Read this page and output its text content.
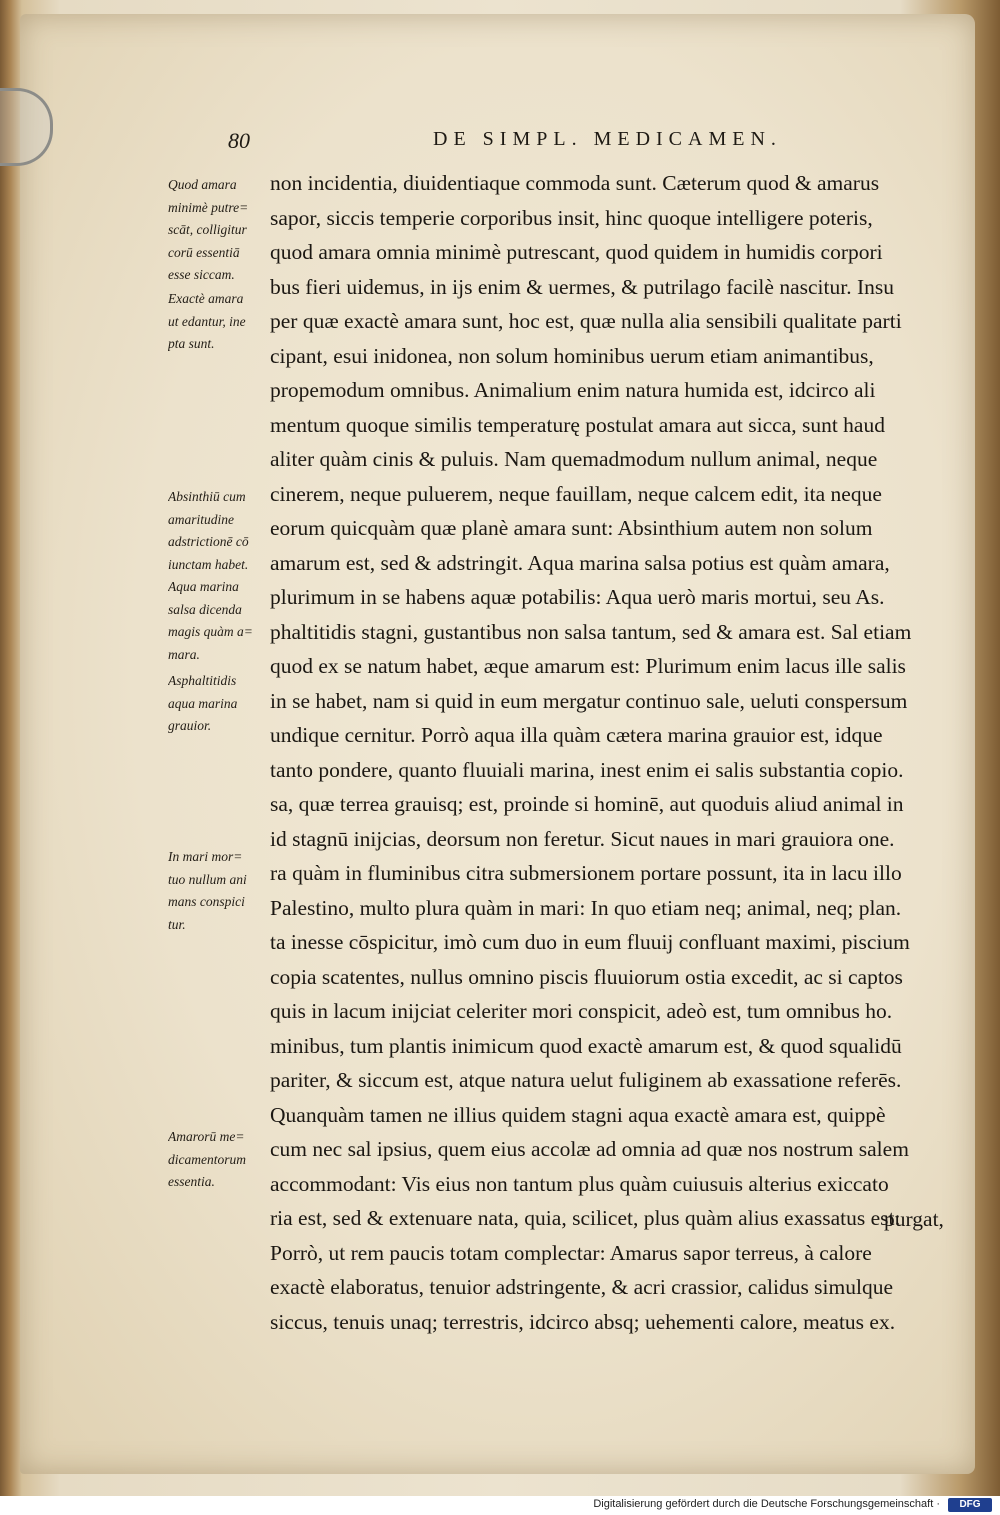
80	DE SIMPL. MEDICAMEN.
Quod amara
minimè putre=
scāt, colligitur
corū essentiā
esse siccam.
Exactè amara
ut edantur, ine
pta sunt.
Absinthiū cum
amaritudine
adstrictionē cō
iunctam habet.
Aqua marina
salsa dicenda
magis quàm a=
mara.
Asphaltitidis
aqua marina
grauior.
In mari mor=
tuo nullum ani
mans conspici
tur.
Amarorū me=
dicamentorum
essentia.
non incidentia, diuidentiaque commoda sunt. Cæterum quod & amarus
sapor, siccis temperie corporibus insit, hinc quoque intelligere poteris,
quod amara omnia minimè putrescant, quod quidem in humidis corpori
bus fieri uidemus, in ijs enim & uermes, & putrilago facilè nascitur. Insu
per quæ exactè amara sunt, hoc est, quæ nulla alia sensibili qualitate parti
cipant, esui inidonea, non solum hominibus uerum etiam animantibus,
propemodum omnibus. Animalium enim natura humida est, idcirco ali
mentum quoque similis temperaturę postulat amara aut sicca, sunt haud
aliter quàm cinis & puluis. Nam quemadmodum nullum animal, neque
cinerem, neque puluerem, neque fauillam, neque calcem edit, ita neque
eorum quicquàm quæ planè amara sunt: Absinthium autem non solum
amarum est, sed & adstringit. Aqua marina salsa potius est quàm amara,
plurimum in se habens aquæ potabilis: Aqua uerò maris mortui, seu As.
phaltitidis stagni, gustantibus non salsa tantum, sed & amara est. Sal etiam
quod ex se natum habet, æque amarum est: Plurimum enim lacus ille salis
in se habet, nam si quid in eum mergatur continuo sale, ueluti conspersum
undique cernitur. Porrò aqua illa quàm cætera marina grauior est, idque
tanto pondere, quanto fluuiali marina, inest enim ei salis substantia copio.
sa, quæ terrea grauisq; est, proinde si hominē, aut quoduis aliud animal in
id stagnū inijcias, deorsum non feretur. Sicut naues in mari grauiora one.
ra quàm in fluminibus citra submersionem portare possunt, ita in lacu illo
Palestino, multo plura quàm in mari: In quo etiam neq; animal, neq; plan.
ta inesse cōspicitur, imò cum duo in eum fluuij confluant maximi, piscium
copia scatentes, nullus omnino piscis fluuiorum ostia excedit, ac si captos
quis in lacum inijciat celeriter mori conspicit, adeò est, tum omnibus ho.
minibus, tum plantis inimicum quod exactè amarum est, & quod squalidū
pariter, & siccum est, atque natura uelut fuliginem ab exassatione referēs.
Quanquàm tamen ne illius quidem stagni aqua exactè amara est, quippè
cum nec sal ipsius, quem eius accolæ ad omnia ad quæ nos nostrum salem
accommodant: Vis eius non tantum plus quàm cuiusuis alterius exiccato
ria est, sed & extenuare nata, quia, scilicet, plus quàm alius exassatus est:
Porrò, ut rem paucis totam complectar: Amarus sapor terreus, à calore
exactè elaboratus, tenuior adstringente, & acri crassior, calidus simulque
siccus, tenuis unaq; terrestris, idcirco absq; uehementi calore, meatus ex.
purgat,
Digitalisierung gefördert durch die Deutsche Forschungsgemeinschaft ·	DFG
